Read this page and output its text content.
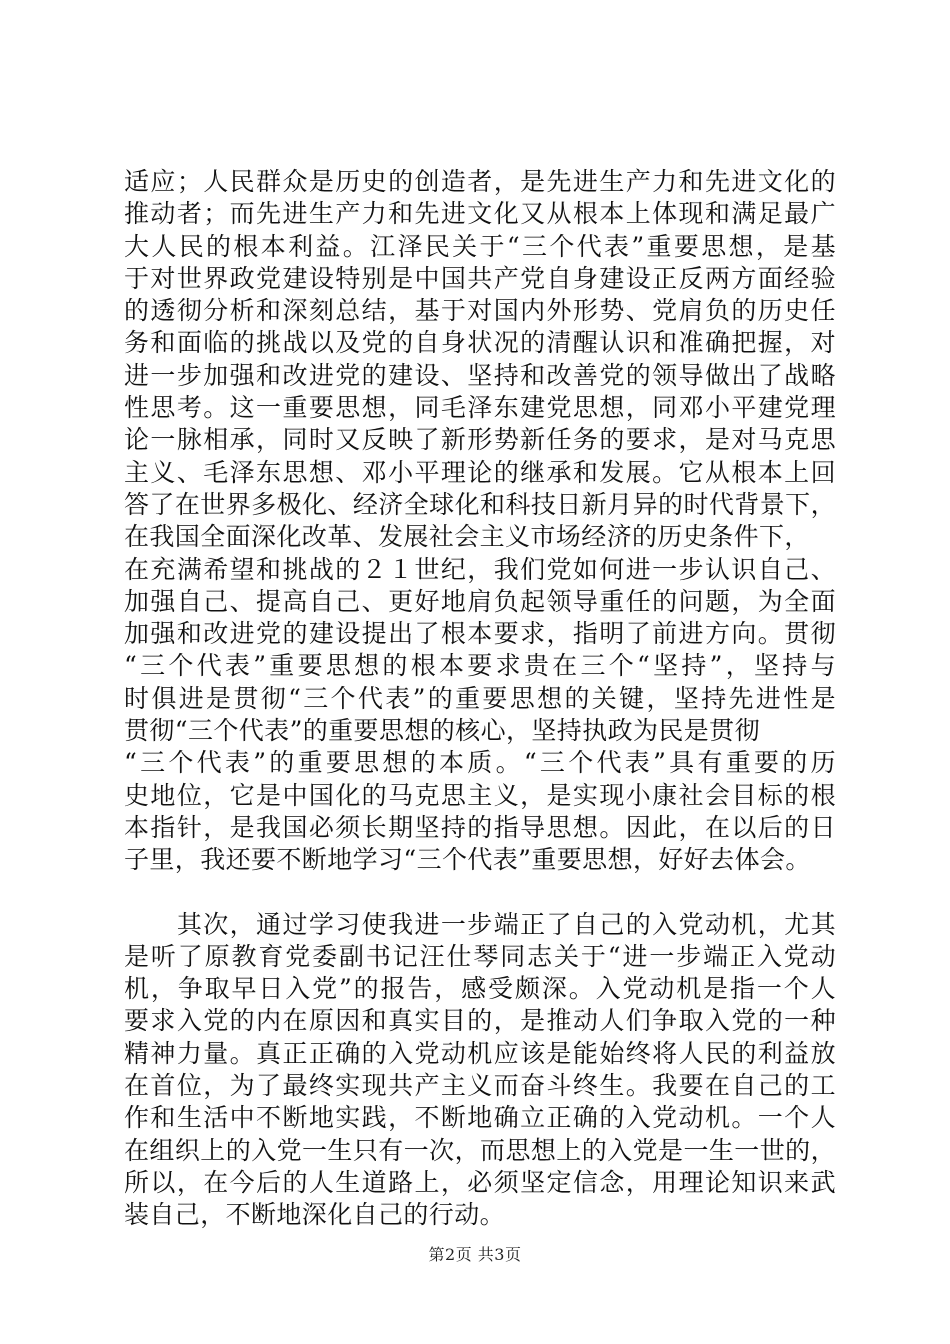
适应；人民群众是历史的创造者，是先进生产力和先进文化的
推动者；而先进生产力和先进文化又从根本上体现和满足最广
大人民的根本利益。江泽民关于“三个代表”重要思想，是基
于对世界政党建设特别是中国共产党自身建设正反两方面经验
的透彻分析和深刻总结，基于对国内外形势、党肩负的历史任
务和面临的挑战以及党的自身状况的清醒认识和准确把握，对
进一步加强和改进党的建设、坚持和改善党的领导做出了战略
性思考。这一重要思想，同毛泽东建党思想，同邓小平建党理
论一脉相承，同时又反映了新形势新任务的要求，是对马克思
主义、毛泽东思想、邓小平理论的继承和发展。它从根本上回
答了在世界多极化、经济全球化和科技日新月异的时代背景下，
在我国全面深化改革、发展社会主义市场经济的历史条件下，
在充满希望和挑战的２１世纪，我们党如何进一步认识自己、
加强自己、提高自己、更好地肩负起领导重任的问题，为全面
加强和改进党的建设提出了根本要求，指明了前进方向。贯彻
“三个代表”重要思想的根本要求贵在三个“坚持”，坚持与
时俱进是贯彻“三个代表”的重要思想的关键，坚持先进性是
贯彻“三个代表”的重要思想的核心，坚持执政为民是贯彻
“三个代表”的重要思想的本质。“三个代表”具有重要的历
史地位，它是中国化的马克思主义，是实现小康社会目标的根
本指针，是我国必须长期坚持的指导思想。因此，在以后的日
子里，我还要不断地学习“三个代表”重要思想，好好去体会。
　　其次，通过学习使我进一步端正了自己的入党动机，尤其
是听了原教育党委副书记汪仕琴同志关于“进一步端正入党动
机，争取早日入党”的报告，感受颇深。入党动机是指一个人
要求入党的内在原因和真实目的，是推动人们争取入党的一种
精神力量。真正正确的入党动机应该是能始终将人民的利益放
在首位，为了最终实现共产主义而奋斗终生。我要在自己的工
作和生活中不断地实践，不断地确立正确的入党动机。一个人
在组织上的入党一生只有一次，而思想上的入党是一生一世的，
所以，在今后的人生道路上，必须坚定信念，用理论知识来武
装自己，不断地深化自己的行动。
第2页 共3页
